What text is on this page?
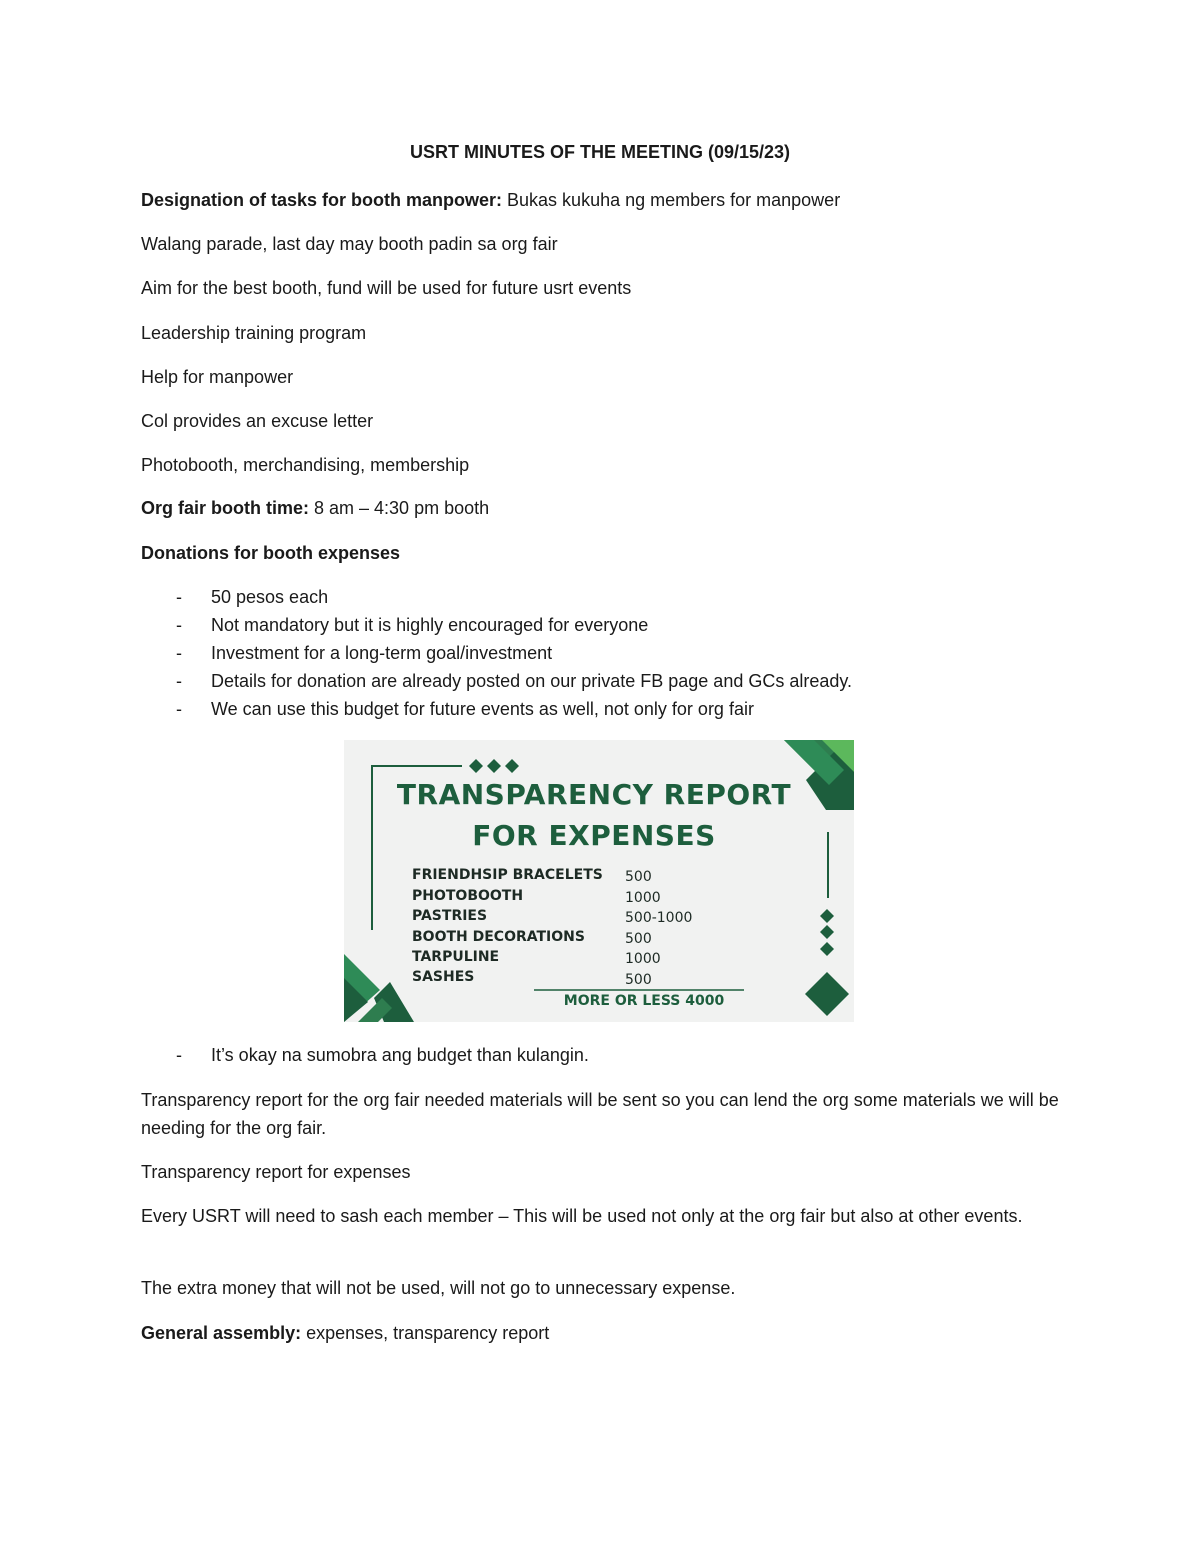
USRT MINUTES OF THE MEETING (09/15/23)
Designation of tasks for booth manpower: Bukas kukuha ng members for manpower
Walang parade, last day may booth padin sa org fair
Aim for the best booth, fund will be used for future usrt events
Leadership training program
Help for manpower
Col provides an excuse letter
Photobooth, merchandising, membership
Org fair booth time: 8 am – 4:30 pm booth
Donations for booth expenses
- 50 pesos each
- Not mandatory but it is highly encouraged for everyone
- Investment for a long-term goal/investment
- Details for donation are already posted on our private FB page and GCs already.
- We can use this budget for future events as well, not only for org fair
TRANSPARENCY REPORT
FOR EXPENSES
FRIENDHSIP BRACELETS 500
PHOTOBOOTH	1000
PASTRIES	500-1000
BOOTH DECORATIONS	500
TARPULINE	1000
SASHES	500
MORE OR LESS 4000
- It’s okay na sumobra ang budget than kulangin.
Transparency report for the org fair needed materials will be sent so you can lend the org some materials we will be needing for the org fair.
Transparency report for expenses
Every USRT will need to sash each member – This will be used not only at the org fair but also at other events.
The extra money that will not be used, will not go to unnecessary expense.
General assembly: expenses, transparency report
